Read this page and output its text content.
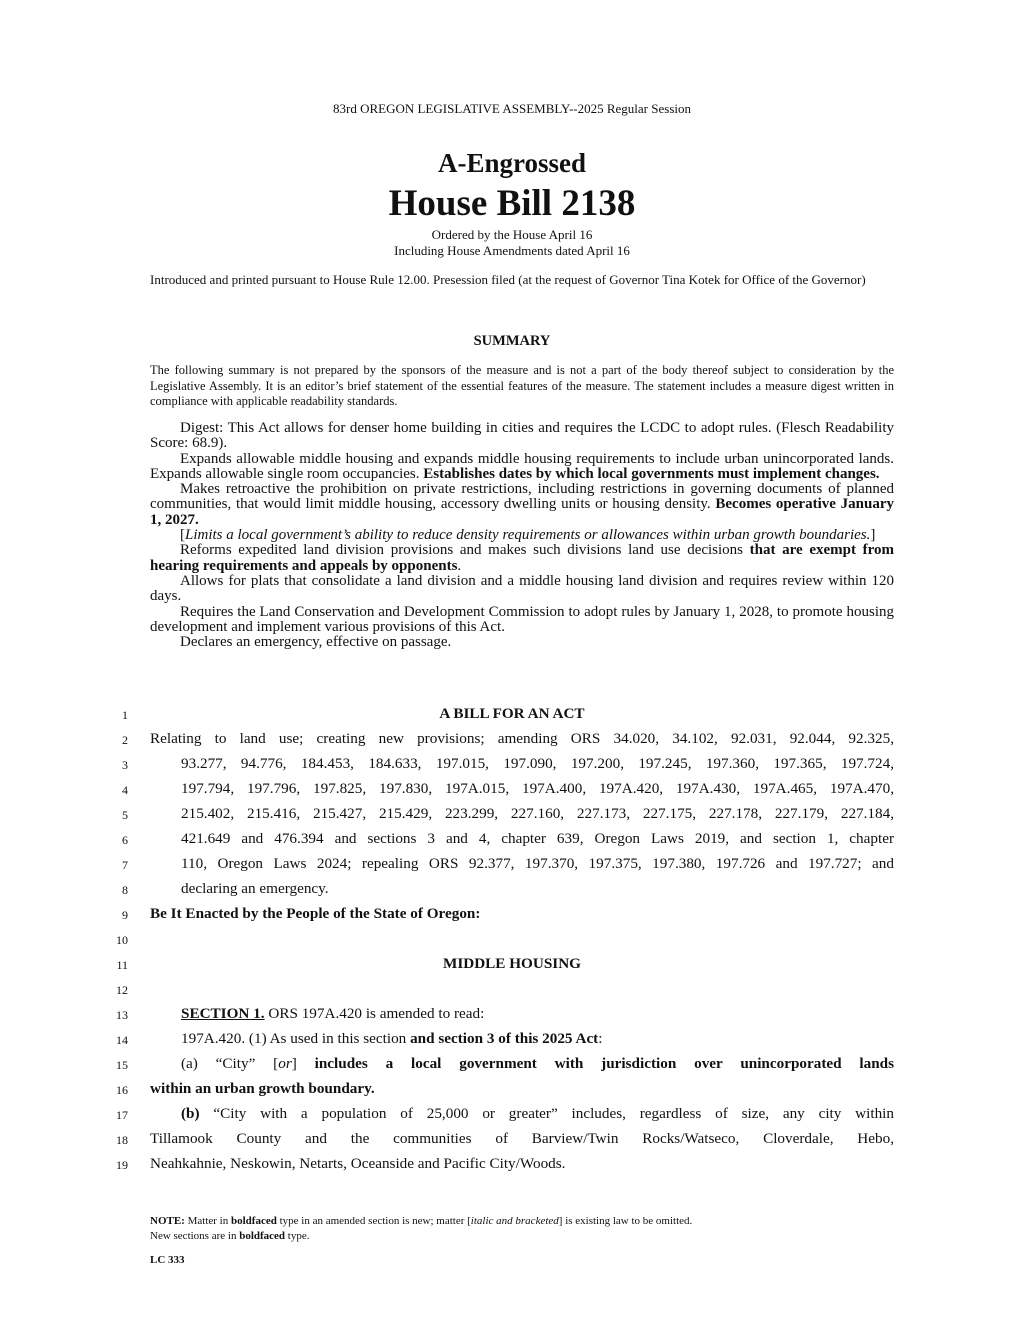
83rd OREGON LEGISLATIVE ASSEMBLY--2025 Regular Session
A-Engrossed
House Bill 2138
Ordered by the House April 16
Including House Amendments dated April 16
Introduced and printed pursuant to House Rule 12.00. Presession filed (at the request of Governor Tina Kotek for Office of the Governor)
SUMMARY
The following summary is not prepared by the sponsors of the measure and is not a part of the body thereof subject to consideration by the Legislative Assembly. It is an editor’s brief statement of the essential features of the measure. The statement includes a measure digest written in compliance with applicable readability standards.

Digest: This Act allows for denser home building in cities and requires the LCDC to adopt rules. (Flesch Readability Score: 68.9).

Expands allowable middle housing and expands middle housing requirements to include urban unincorporated lands. Expands allowable single room occupancies. Establishes dates by which local governments must implement changes.

Makes retroactive the prohibition on private restrictions, including restrictions in governing documents of planned communities, that would limit middle housing, accessory dwelling units or housing density. Becomes operative January 1, 2027.

[Limits a local government’s ability to reduce density requirements or allowances within urban growth boundaries.]

Reforms expedited land division provisions and makes such divisions land use decisions that are exempt from hearing requirements and appeals by opponents.

Allows for plats that consolidate a land division and a middle housing land division and requires review within 120 days.

Requires the Land Conservation and Development Commission to adopt rules by January 1, 2028, to promote housing development and implement various provisions of this Act.

Declares an emergency, effective on passage.

1
2
3
4
5
6
7
8
9
10
11
12
13
14
15
16
17
18
19
A BILL FOR AN ACT
Relating to land use; creating new provisions; amending ORS 34.020, 34.102, 92.031, 92.044, 92.325,
93.277, 94.776, 184.453, 184.633, 197.015, 197.090, 197.200, 197.245, 197.360, 197.365, 197.724,
197.794, 197.796, 197.825, 197.830, 197A.015, 197A.400, 197A.420, 197A.430, 197A.465, 197A.470,
215.402, 215.416, 215.427, 215.429, 223.299, 227.160, 227.173, 227.175, 227.178, 227.179, 227.184,
421.649 and 476.394 and sections 3 and 4, chapter 639, Oregon Laws 2019, and section 1, chapter
110, Oregon Laws 2024; repealing ORS 92.377, 197.370, 197.375, 197.380, 197.726 and 197.727; and
declaring an emergency.
Be It Enacted by the People of the State of Oregon:
MIDDLE HOUSING
SECTION 1. ORS 197A.420 is amended to read:
197A.420. (1) As used in this section and section 3 of this 2025 Act:
(a) “City” [or] includes a local government with jurisdiction over unincorporated lands
within an urban growth boundary.
(b) “City with a population of 25,000 or greater” includes, regardless of size, any city within
Tillamook County and the communities of Barview/Twin Rocks/Watseco, Cloverdale, Hebo,
Neahkahnie, Neskowin, Netarts, Oceanside and Pacific City/Woods.
NOTE: Matter in boldfaced type in an amended section is new; matter [italic and bracketed] is existing law to be omitted.
New sections are in boldfaced type.
LC 333
